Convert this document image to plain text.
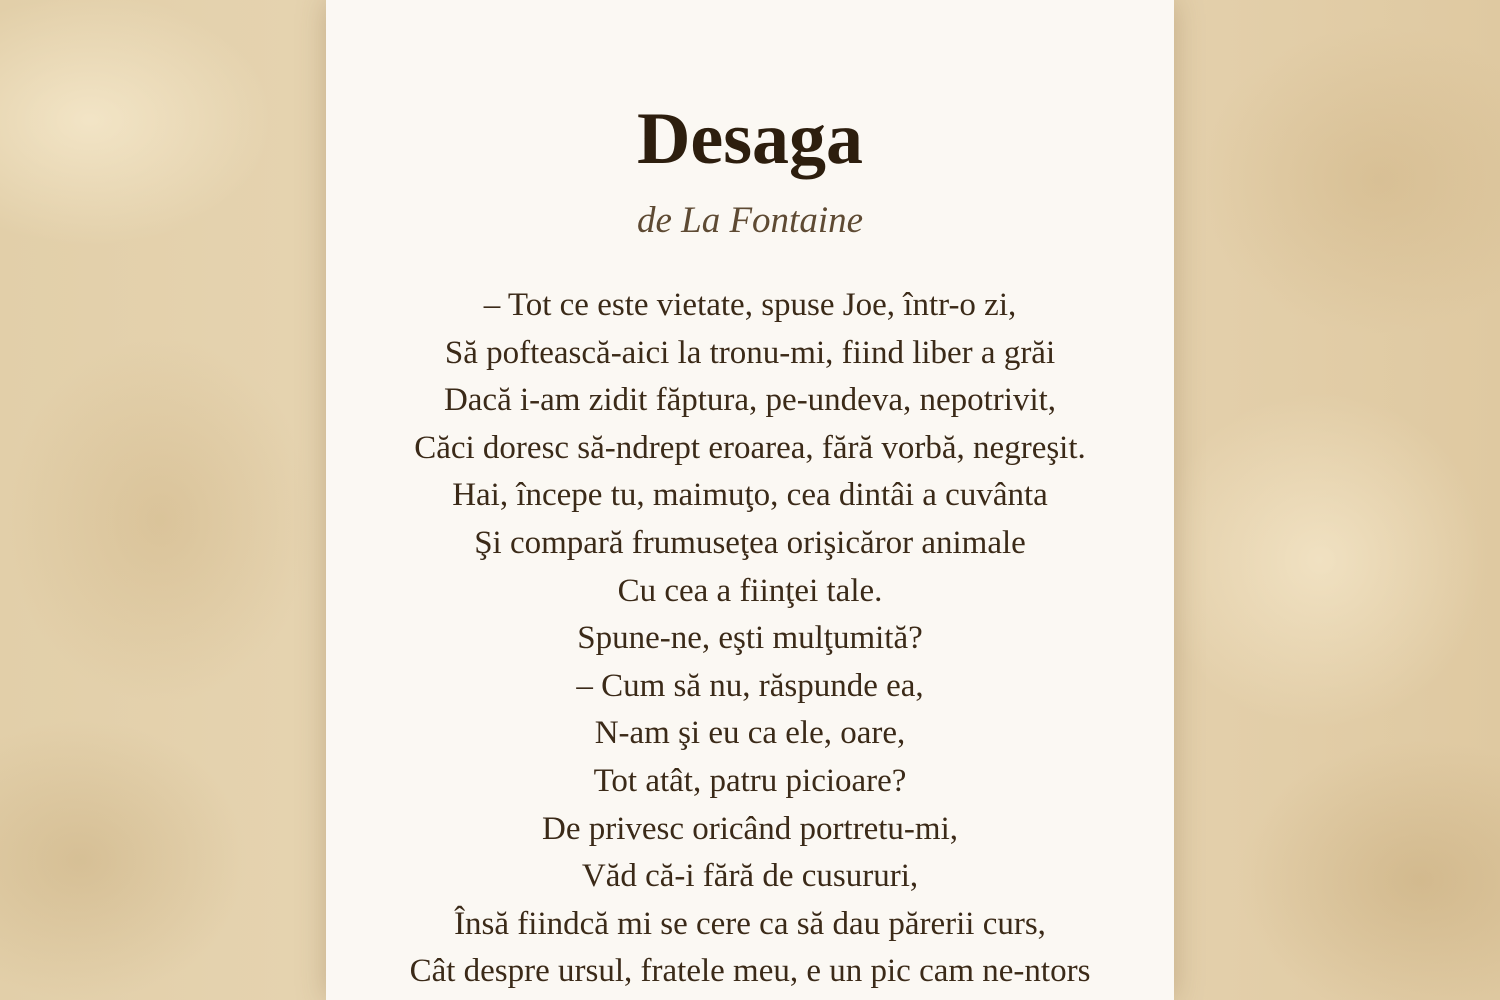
Desaga
de La Fontaine
– Tot ce este vietate, spuse Joe, într-o zi,
Să poftească-aici la tronu-mi, fiind liber a grăi
Dacă i-am zidit făptura, pe-undeva, nepotrivit,
Căci doresc să-ndrept eroarea, fără vorbă, negreşit.
Hai, începe tu, maimuţo, cea dintâi a cuvânta
Şi compară frumuseţea orişicăror animale
Cu cea a fiinţei tale.
Spune-ne, eşti mulţumită?
– Cum să nu, răspunde ea,
N-am şi eu ca ele, oare,
Tot atât, patru picioare?
De privesc oricând portretu-mi,
Văd că-i fără de cusururi,
Însă fiindcă mi se cere ca să dau părerii curs,
Cât despre ursul, fratele meu, e un pic cam ne-ntors
